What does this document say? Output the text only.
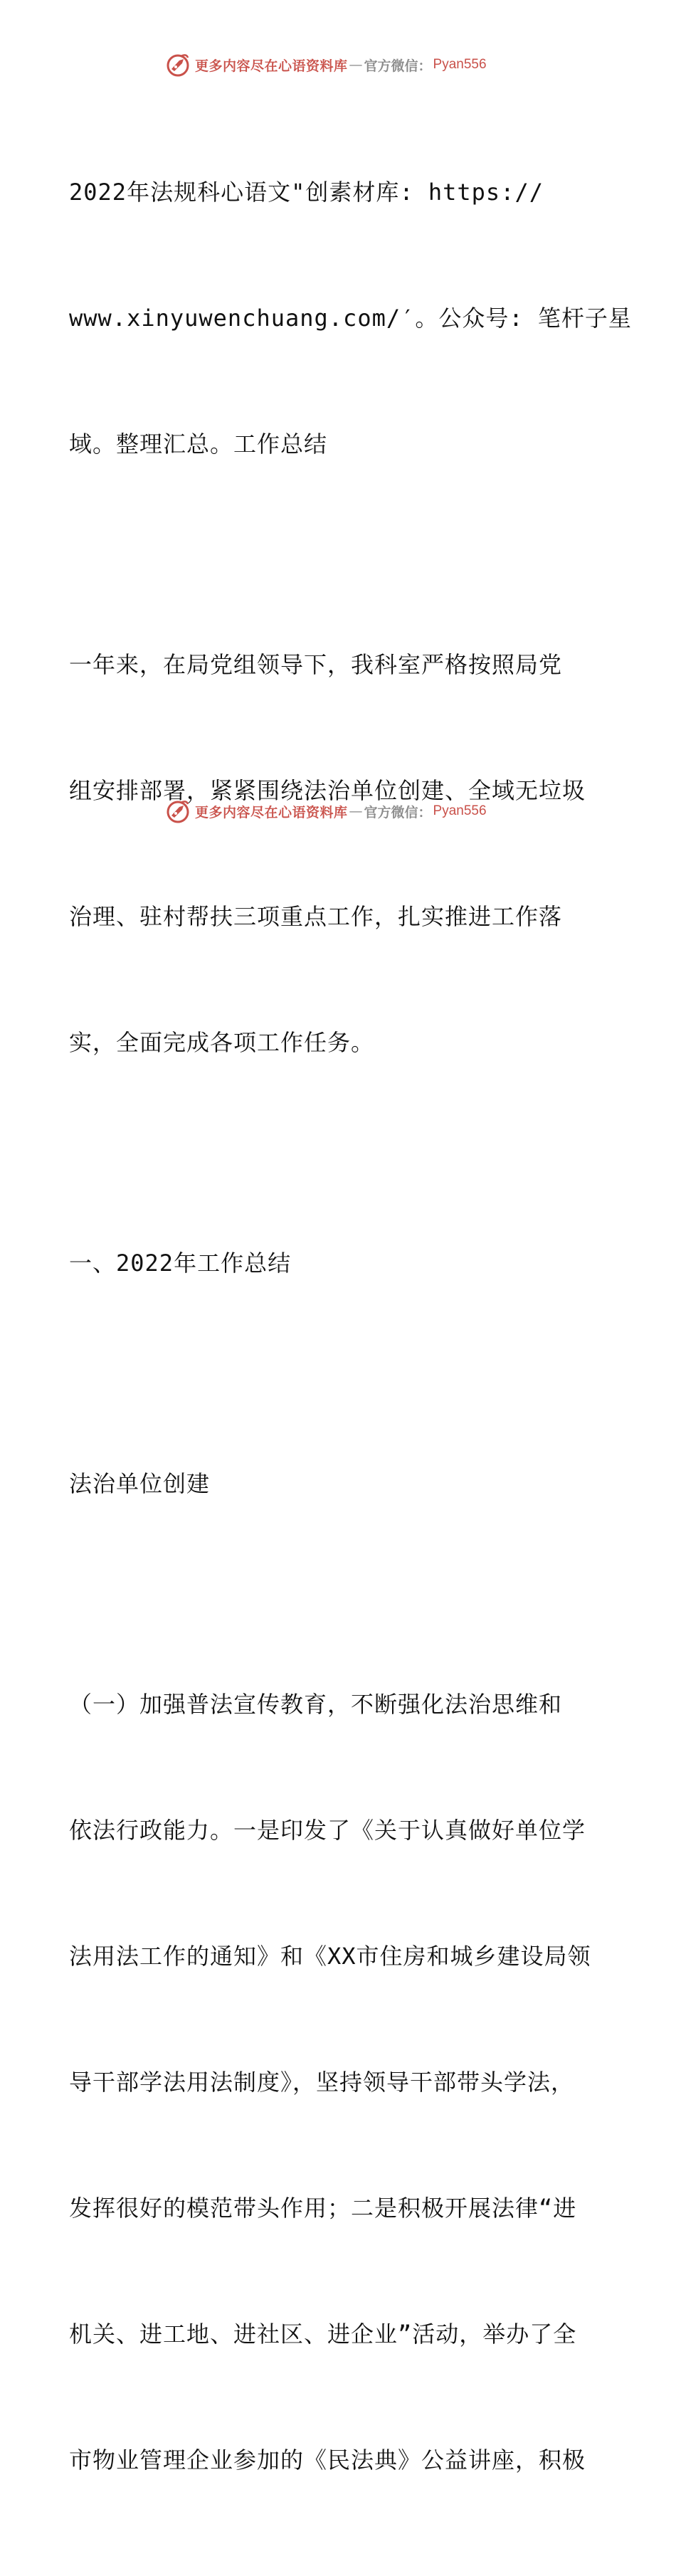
更多内容尽在心语资料库 — 官方微信： Pyan556

2022年法规科心语文"创素材库: https://

www.xinyuwenchuang.com/′。公众号: 笔杆子星

域。整理汇总。工作总结

一年来，在局党组领导下，我科室严格按照局党

组安排部署，紧紧围绕法治单位创建、全域无垃圾

治理、驻村帮扶三项重点工作，扎实推进工作落

实，全面完成各项工作任务。

一、2022年工作总结

法治单位创建

（一）加强普法宣传教育，不断强化法治思维和

依法行政能力。一是印发了《关于认真做好单位学

法用法工作的通知》和《XX市住房和城乡建设局领

导干部学法用法制度》，坚持领导干部带头学法，

发挥很好的模范带头作用；二是积极开展法律“进

机关、进工地、进社区、进企业”活动，举办了全

市物业管理企业参加的《民法典》公益讲座，积极

更多内容尽在心语资料库 — 官方微信： Pyan556
